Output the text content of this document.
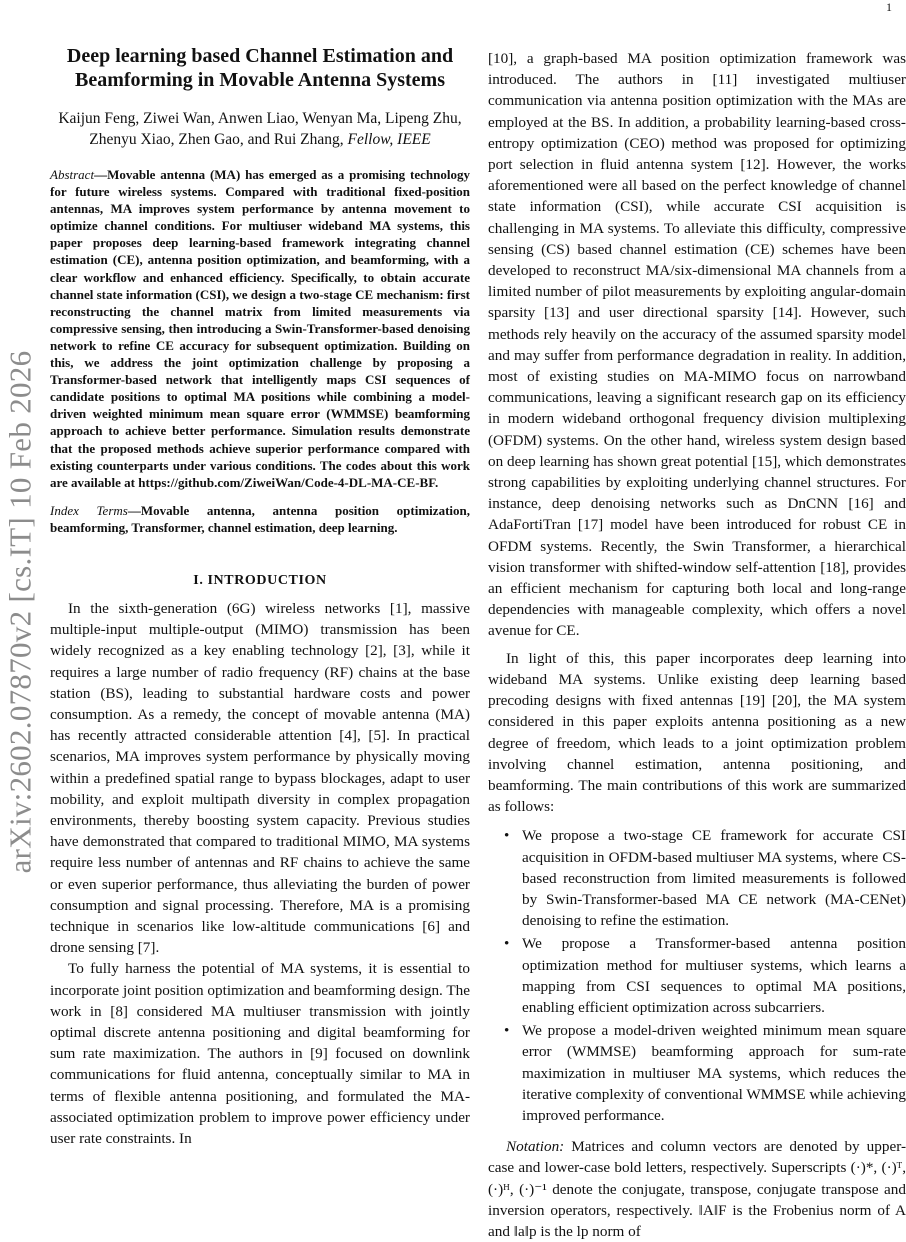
1
arXiv:2602.07870v2 [cs.IT] 10 Feb 2026
Deep learning based Channel Estimation and Beamforming in Movable Antenna Systems

Kaijun Feng, Ziwei Wan, Anwen Liao, Wenyan Ma, Lipeng Zhu, Zhenyu Xiao, Zhen Gao, and Rui Zhang, Fellow, IEEE

Abstract—Movable antenna (MA) has emerged as a promising technology for future wireless systems. Compared with traditional fixed-position antennas, MA improves system performance by antenna movement to optimize channel conditions. For multiuser wideband MA systems, this paper proposes deep learning-based framework integrating channel estimation (CE), antenna position optimization, and beamforming, with a clear workflow and enhanced efficiency. Specifically, to obtain accurate channel state information (CSI), we design a two-stage CE mechanism: first reconstructing the channel matrix from limited measurements via compressive sensing, then introducing a Swin-Transformer-based denoising network to refine CE accuracy for subsequent optimization. Building on this, we address the joint optimization challenge by proposing a Transformer-based network that intelligently maps CSI sequences of candidate positions to optimal MA positions while combining a model-driven weighted minimum mean square error (WMMSE) beamforming approach to achieve better performance. Simulation results demonstrate that the proposed methods achieve superior performance compared with existing counterparts under various conditions. The codes about this work are available at https://github.com/ZiweiWan/Code-4-DL-MA-CE-BF.

Index Terms—Movable antenna, antenna position optimization, beamforming, Transformer, channel estimation, deep learning.

I. INTRODUCTION

In the sixth-generation (6G) wireless networks [1], massive multiple-input multiple-output (MIMO) transmission has been widely recognized as a key enabling technology [2], [3], while it requires a large number of radio frequency (RF) chains at the base station (BS), leading to substantial hardware costs and power consumption. As a remedy, the concept of movable antenna (MA) has recently attracted considerable attention [4], [5]. In practical scenarios, MA improves system performance by physically moving within a predefined spatial range to bypass blockages, adapt to user mobility, and exploit multipath diversity in complex propagation environments, thereby boosting system capacity. Previous studies have demonstrated that compared to traditional MIMO, MA systems require less number of antennas and RF chains to achieve the same or even superior performance, thus alleviating the burden of power consumption and signal processing. Therefore, MA is a promising technique in scenarios like low-altitude communications [6] and drone sensing [7].

To fully harness the potential of MA systems, it is essential to incorporate joint position optimization and beamforming design. The work in [8] considered MA multiuser transmission with jointly optimal discrete antenna positioning and digital beamforming for sum rate maximization. The authors in [9] focused on downlink communications for fluid antenna, conceptually similar to MA in terms of flexible antenna positioning, and formulated the MA-associated optimization problem to improve power efficiency under user rate constraints. In

[10], a graph-based MA position optimization framework was introduced. The authors in [11] investigated multiuser communication via antenna position optimization with the MAs are employed at the BS. In addition, a probability learning-based cross-entropy optimization (CEO) method was proposed for optimizing port selection in fluid antenna system [12]. However, the works aforementioned were all based on the perfect knowledge of channel state information (CSI), while accurate CSI acquisition is challenging in MA systems. To alleviate this difficulty, compressive sensing (CS) based channel estimation (CE) schemes have been developed to reconstruct MA/six-dimensional MA channels from a limited number of pilot measurements by exploiting angular-domain sparsity [13] and user directional sparsity [14]. However, such methods rely heavily on the accuracy of the assumed sparsity model and may suffer from performance degradation in reality. In addition, most of existing studies on MA-MIMO focus on narrowband communications, leaving a significant research gap on its efficiency in modern wideband orthogonal frequency division multiplexing (OFDM) systems. On the other hand, wireless system design based on deep learning has shown great potential [15], which demonstrates strong capabilities by exploiting underlying channel structures. For instance, deep denoising networks such as DnCNN [16] and AdaFortiTran [17] model have been introduced for robust CE in OFDM systems. Recently, the Swin Transformer, a hierarchical vision transformer with shifted-window self-attention [18], provides an efficient mechanism for capturing both local and long-range dependencies with manageable complexity, which offers a novel avenue for CE.

In light of this, this paper incorporates deep learning into wideband MA systems. Unlike existing deep learning based precoding designs with fixed antennas [19] [20], the MA system considered in this paper exploits antenna positioning as a new degree of freedom, which leads to a joint optimization problem involving channel estimation, antenna positioning, and beamforming. The main contributions of this work are summarized as follows:

• We propose a two-stage CE framework for accurate CSI acquisition in OFDM-based multiuser MA systems, where CS-based reconstruction from limited measurements is followed by Swin-Transformer-based MA CE network (MA-CENet) denoising to refine the estimation.
• We propose a Transformer-based antenna position optimization method for multiuser systems, which learns a mapping from CSI sequences to optimal MA positions, enabling efficient optimization across subcarriers.
• We propose a model-driven weighted minimum mean square error (WMMSE) beamforming approach for sum-rate maximization in multiuser MA systems, which reduces the iterative complexity of conventional WMMSE while achieving improved performance.

Notation: Matrices and column vectors are denoted by upper-case and lower-case bold letters, respectively. Superscripts (·)*, (·)ᵀ, (·)ᴴ, (·)⁻¹ denote the conjugate, transpose, conjugate transpose and inversion operators, respectively. ‖A‖F is the Frobenius norm of A and ‖a‖p is the lp norm of
